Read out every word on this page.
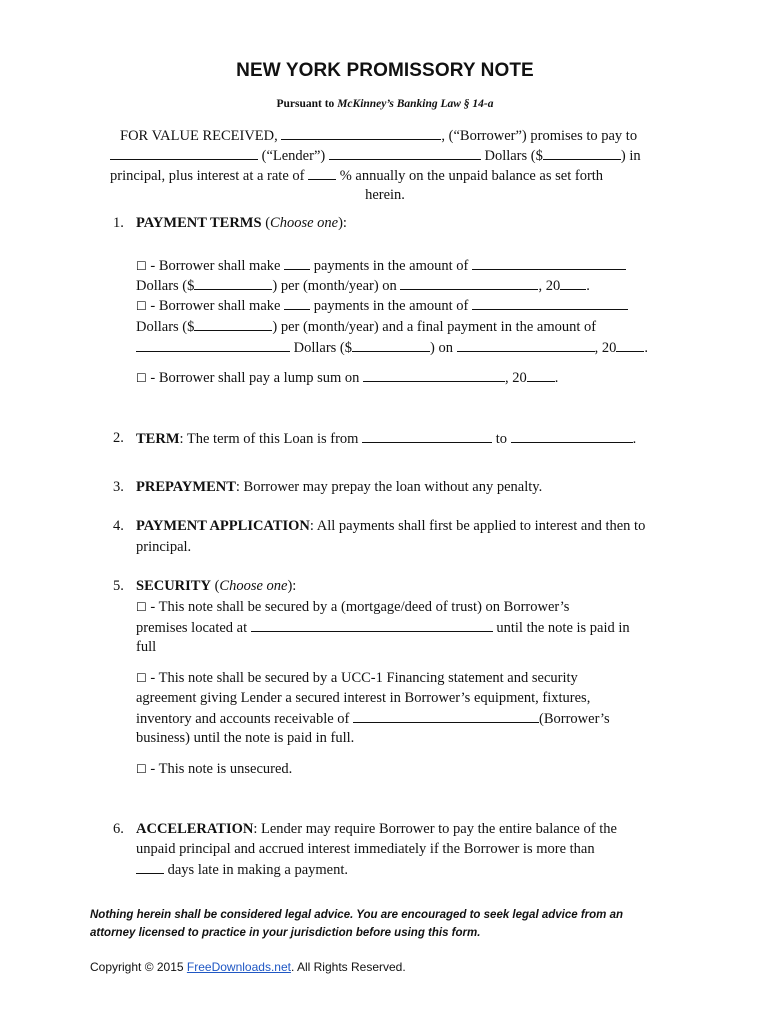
NEW YORK PROMISSORY NOTE
Pursuant to McKinney’s Banking Law § 14-a
FOR VALUE RECEIVED,	, (“Borrower”) promises to pay to
(“Lender”)	Dollars ($	) in
principal, plus interest at a rate of % annually on the unpaid balance as set forth
herein.
1. PAYMENT TERMS (Choose one):
☐ - Borrower shall make payments in the amount of
Dollars ($	) per (month/year) on	, 20 .
☐ - Borrower shall make payments in the amount of
Dollars ($	) per (month/year) and a final payment in the amount of
Dollars ($	) on	, 20 .
☐ - Borrower shall pay a lump sum on	, 20 .
2. TERM: The term of this Loan is from	to	.
3. PREPAYMENT: Borrower may prepay the loan without any penalty.
4. PAYMENT APPLICATION: All payments shall first be applied to interest and then to
principal.
5. SECURITY (Choose one):
☐ - This note shall be secured by a (mortgage/deed of trust) on Borrower’s
premises located at	until the note is paid in
full
☐ - This note shall be secured by a UCC-1 Financing statement and security
agreement giving Lender a secured interest in Borrower’s equipment, fixtures,
inventory and accounts receivable of	(Borrower’s
business) until the note is paid in full.
☐ - This note is unsecured.
6. ACCELERATION: Lender may require Borrower to pay the entire balance of the
unpaid principal and accrued interest immediately if the Borrower is more than
days late in making a payment.
Nothing herein shall be considered legal advice. You are encouraged to seek legal advice from an
attorney licensed to practice in your jurisdiction before using this form.
Copyright © 2015 FreeDownloads.net. All Rights Reserved.
